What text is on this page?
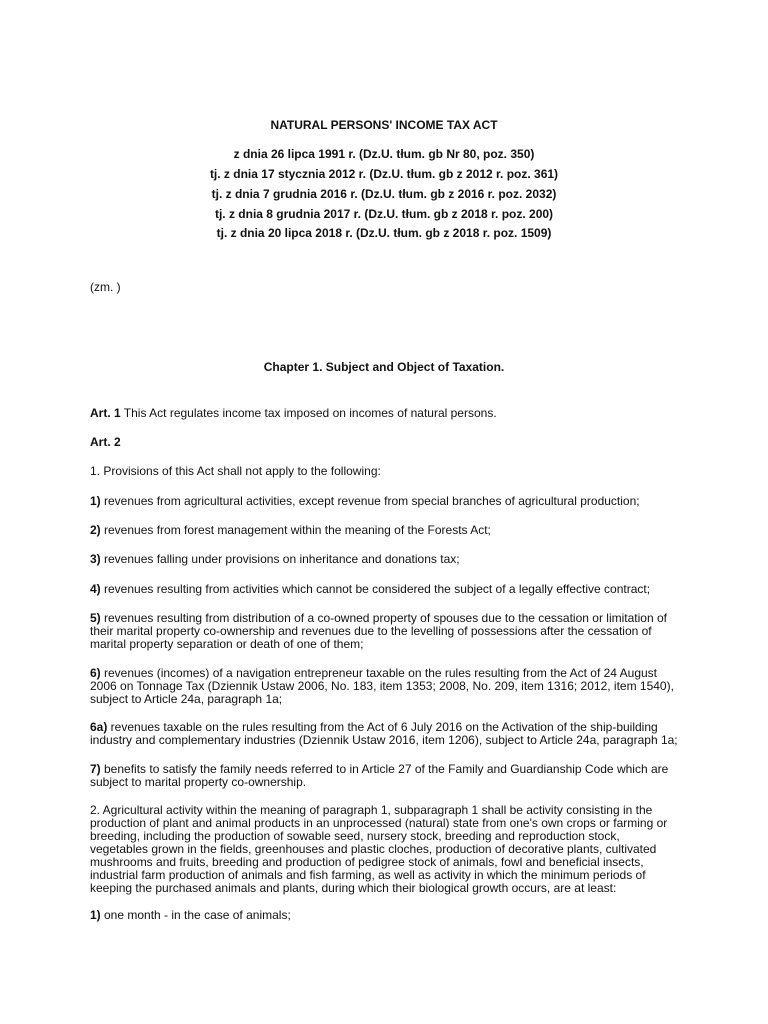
NATURAL PERSONS' INCOME TAX ACT
z dnia 26 lipca 1991 r. (Dz.U. tłum. gb Nr 80, poz. 350)
tj. z dnia 17 stycznia 2012 r. (Dz.U. tłum. gb z 2012 r. poz. 361)
tj. z dnia 7 grudnia 2016 r. (Dz.U. tłum. gb z 2016 r. poz. 2032)
tj. z dnia 8 grudnia 2017 r. (Dz.U. tłum. gb z 2018 r. poz. 200)
tj. z dnia 20 lipca 2018 r. (Dz.U. tłum. gb z 2018 r. poz. 1509)
(zm. )
Chapter 1. Subject and Object of Taxation.
Art. 1 This Act regulates income tax imposed on incomes of natural persons.
Art. 2
1. Provisions of this Act shall not apply to the following:
1) revenues from agricultural activities, except revenue from special branches of agricultural production;
2) revenues from forest management within the meaning of the Forests Act;
3) revenues falling under provisions on inheritance and donations tax;
4) revenues resulting from activities which cannot be considered the subject of a legally effective contract;
5) revenues resulting from distribution of a co-owned property of spouses due to the cessation or limitation of their marital property co-ownership and revenues due to the levelling of possessions after the cessation of marital property separation or death of one of them;
6) revenues (incomes) of a navigation entrepreneur taxable on the rules resulting from the Act of 24 August 2006 on Tonnage Tax (Dziennik Ustaw 2006, No. 183, item 1353; 2008, No. 209, item 1316; 2012, item 1540), subject to Article 24a, paragraph 1a;
6a) revenues taxable on the rules resulting from the Act of 6 July 2016 on the Activation of the ship-building industry and complementary industries (Dziennik Ustaw 2016, item 1206), subject to Article 24a, paragraph 1a;
7) benefits to satisfy the family needs referred to in Article 27 of the Family and Guardianship Code which are subject to marital property co-ownership.
2. Agricultural activity within the meaning of paragraph 1, subparagraph 1 shall be activity consisting in the production of plant and animal products in an unprocessed (natural) state from one's own crops or farming or breeding, including the production of sowable seed, nursery stock, breeding and reproduction stock, vegetables grown in the fields, greenhouses and plastic cloches, production of decorative plants, cultivated mushrooms and fruits, breeding and production of pedigree stock of animals, fowl and beneficial insects, industrial farm production of animals and fish farming, as well as activity in which the minimum periods of keeping the purchased animals and plants, during which their biological growth occurs, are at least:
1) one month - in the case of animals;
